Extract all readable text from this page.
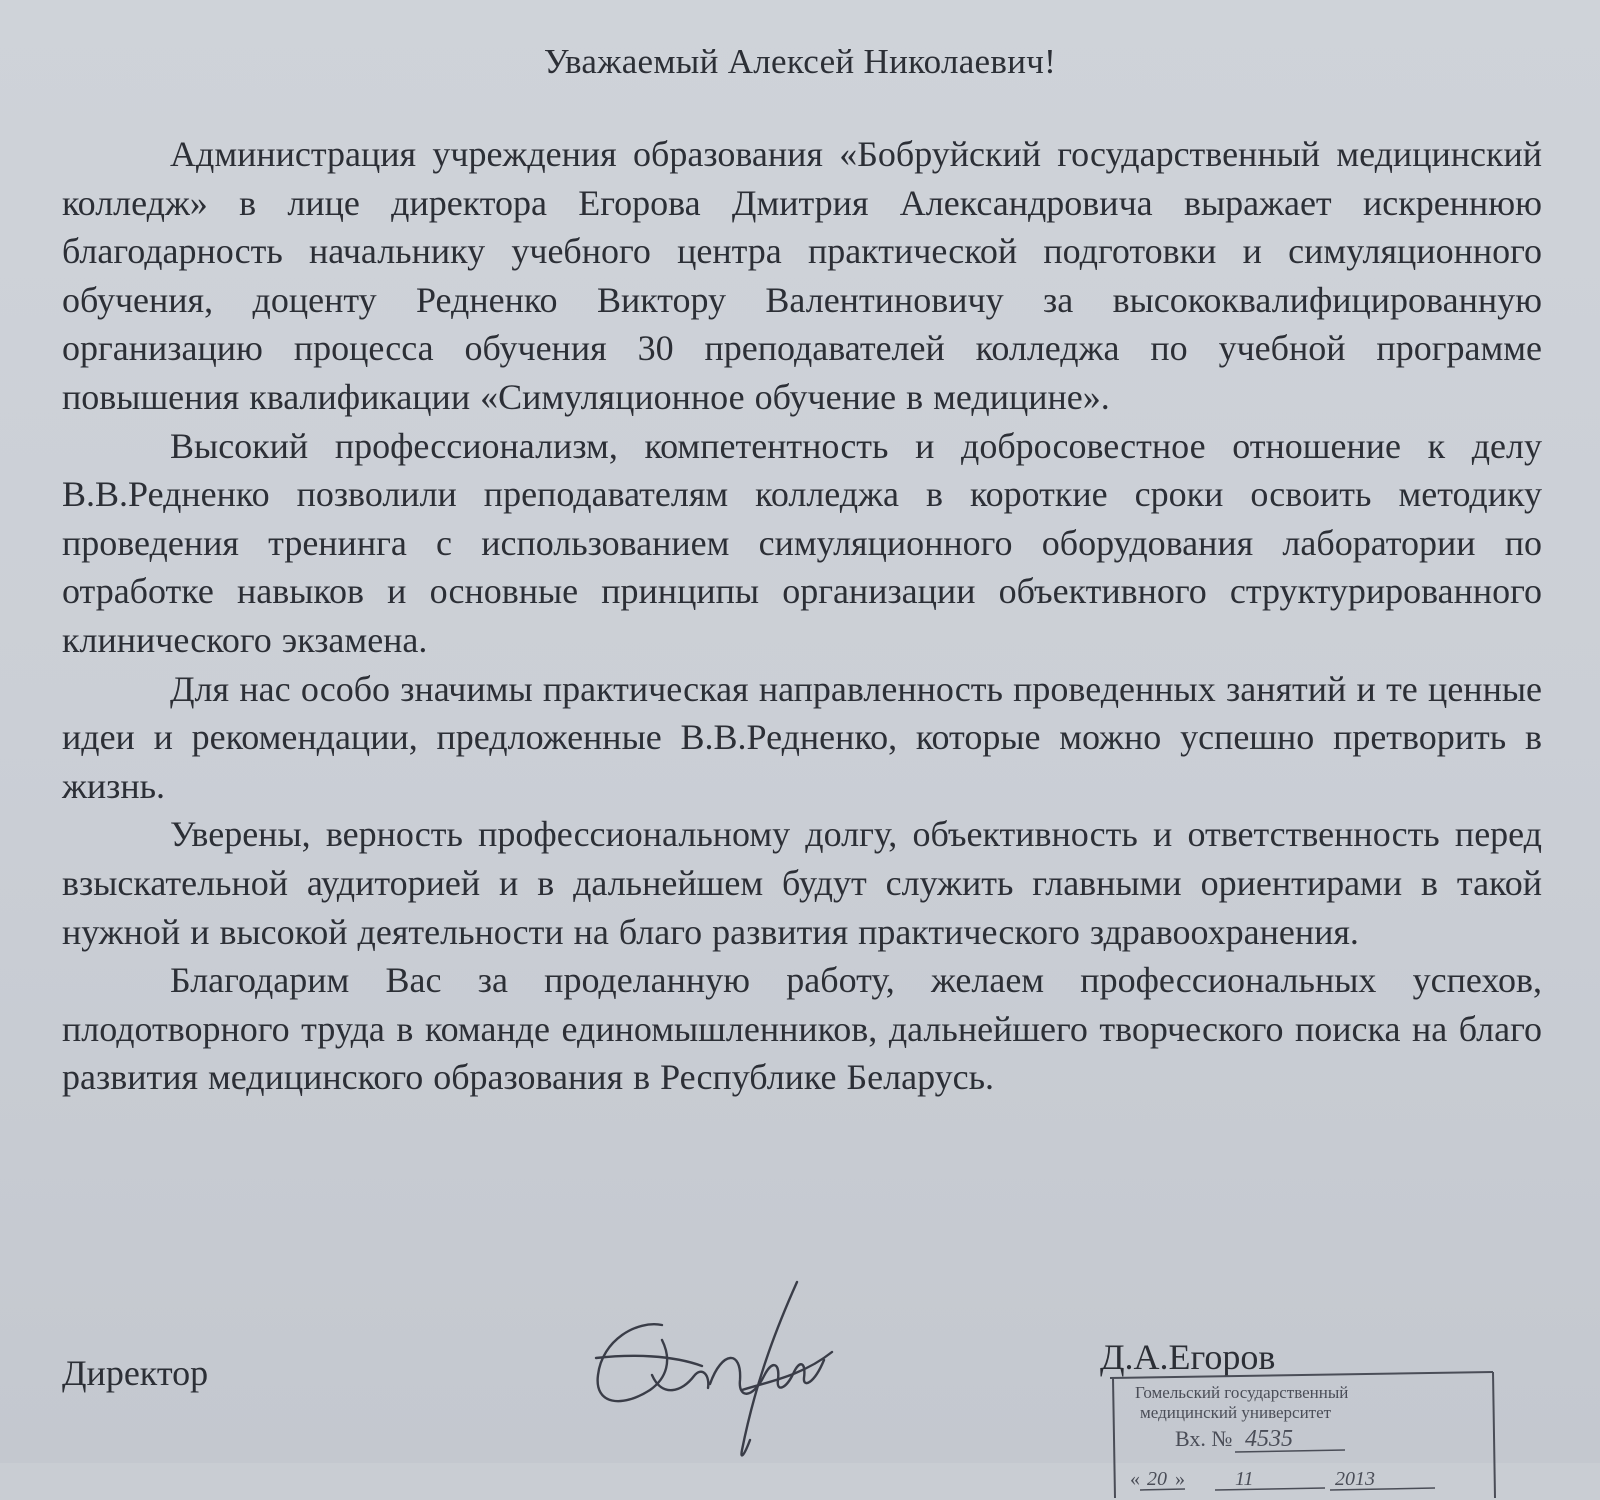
Уважаемый Алексей Николаевич!

Администрация учреждения образования «Бобруйский государственный медицинский колледж» в лице директора Егорова Дмитрия Александровича выражает искреннюю благодарность начальнику учебного центра практической подготовки и симуляционного обучения, доценту Редненко Виктору Валентиновичу за высококвалифицированную организацию процесса обучения 30 преподавателей колледжа по учебной программе повышения квалификации «Симуляционное обучение в медицине».

Высокий профессионализм, компетентность и добросовестное отношение к делу В.В.Редненко позволили преподавателям колледжа в короткие сроки освоить методику проведения тренинга с использованием симуляционного оборудования лаборатории по отработке навыков и основные принципы организации объективного структурированного клинического экзамена.

Для нас особо значимы практическая направленность проведенных занятий и те ценные идеи и рекомендации, предложенные В.В.Редненко, которые можно успешно претворить в жизнь.

Уверены, верность профессиональному долгу, объективность и ответственность перед взыскательной аудиторией и в дальнейшем будут служить главными ориентирами в такой нужной и высокой деятельности на благо развития практического здравоохранения.

Благодарим Вас за проделанную работу, желаем профессиональных успехов, плодотворного труда в команде единомышленников, дальнейшего творческого поиска на благо развития медицинского образования в Республике Беларусь.

Директор	Д.А.Егоров

Гомельский государственный
медицинский университет
Вх. № 4535
« 20 »	11	2013
